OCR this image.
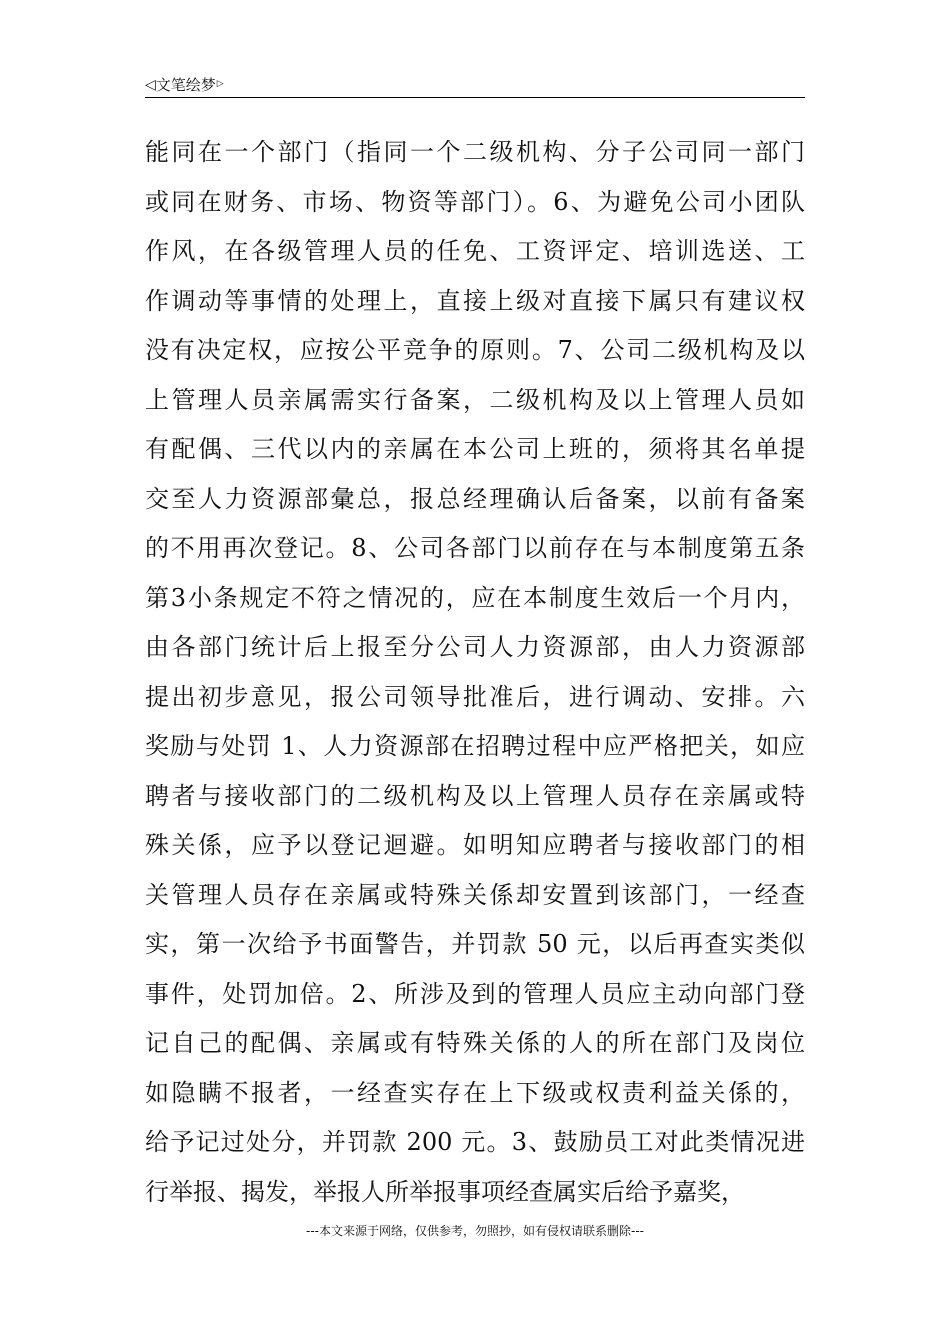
◁ 文笔绘梦 ▷
能同在一个部门（指同一个二级机构、分子公司同一部门
或同在财务、市场、物资等部门）。6、为避免公司小团队
作风，在各级管理人员的任免、工资评定、培训选送、工
作调动等事情的处理上，直接上级对直接下属只有建议权
没有决定权，应按公平竞争的原则。7、公司二级机构及以
上管理人员亲属需实行备案，二级机构及以上管理人员如
有配偶、三代以内的亲属在本公司上班的，须将其名单提
交至人力资源部彙总，报总经理确认后备案，以前有备案
的不用再次登记。8、公司各部门以前存在与本制度第五条
第3小条规定不符之情况的，应在本制度生效后一个月内，
由各部门统计后上报至分公司人力资源部，由人力资源部
提出初步意见，报公司领导批准后，进行调动、安排。六
奖励与处罚 1、人力资源部在招聘过程中应严格把关，如应
聘者与接收部门的二级机构及以上管理人员存在亲属或特
殊关係，应予以登记迴避。如明知应聘者与接收部门的相
关管理人员存在亲属或特殊关係却安置到该部门，一经查
实，第一次给予书面警告，并罚款 50 元，以后再查实类似
事件，处罚加倍。2、所涉及到的管理人员应主动向部门登
记自己的配偶、亲属或有特殊关係的人的所在部门及岗位
如隐瞒不报者，一经查实存在上下级或权责利益关係的，
给予记过处分，并罚款 200 元。3、鼓励员工对此类情况进
行举报、揭发，举报人所举报事项经查属实后给予嘉奖，
---本文来源于网络，仅供参考，勿照抄，如有侵权请联系删除---
